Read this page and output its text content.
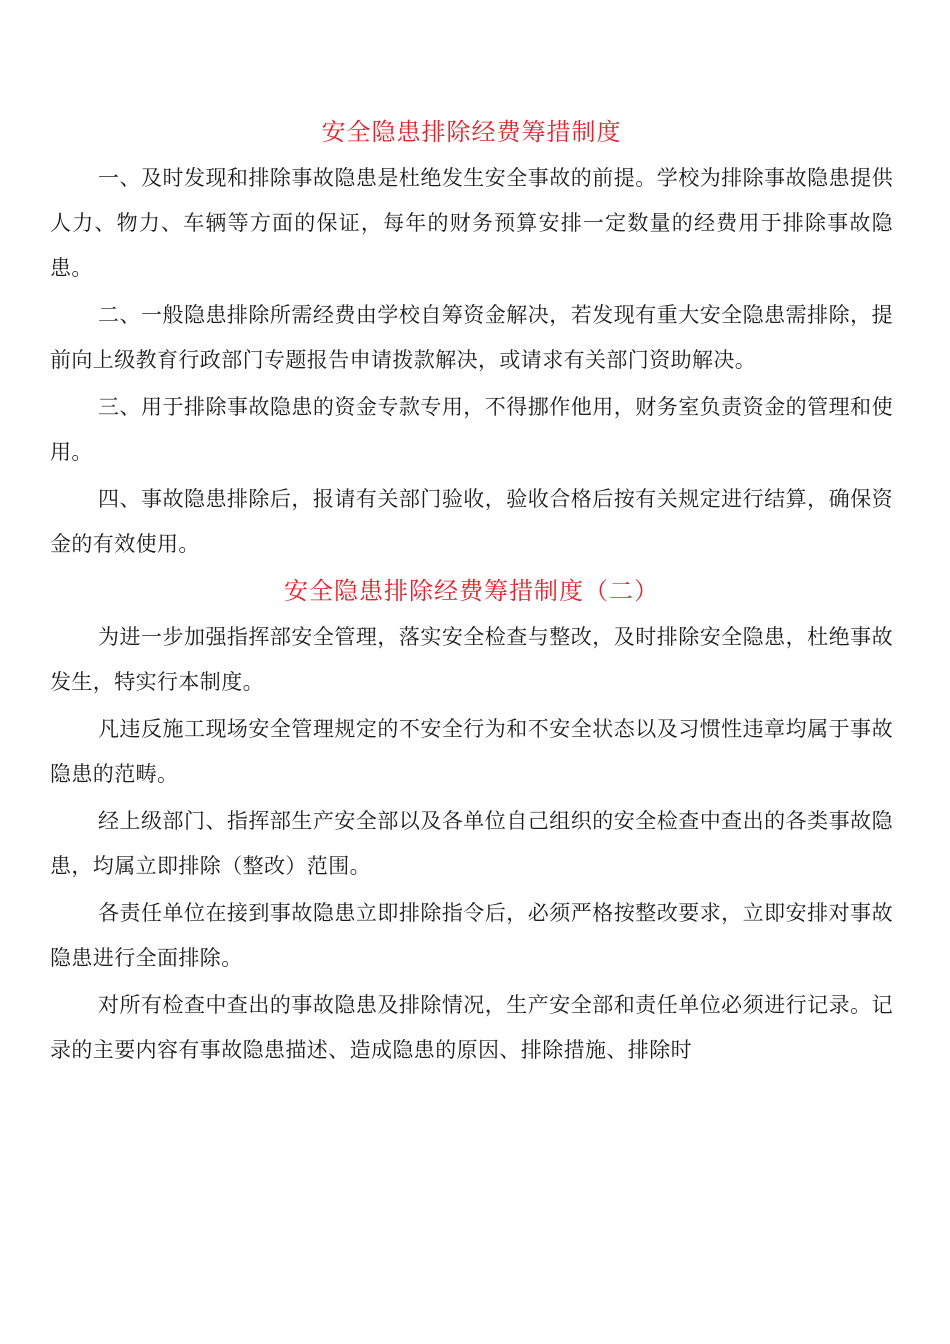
安全隐患排除经费筹措制度

一、及时发现和排除事故隐患是杜绝发生安全事故的前提。学校为排除事故隐患提供人力、物力、车辆等方面的保证，每年的财务预算安排一定数量的经费用于排除事故隐患。

二、一般隐患排除所需经费由学校自筹资金解决，若发现有重大安全隐患需排除，提前向上级教育行政部门专题报告申请拨款解决，或请求有关部门资助解决。

三、用于排除事故隐患的资金专款专用，不得挪作他用，财务室负责资金的管理和使用。

四、事故隐患排除后，报请有关部门验收，验收合格后按有关规定进行结算，确保资金的有效使用。

安全隐患排除经费筹措制度（二）

为进一步加强指挥部安全管理，落实安全检查与整改，及时排除安全隐患，杜绝事故发生，特实行本制度。

凡违反施工现场安全管理规定的不安全行为和不安全状态以及习惯性违章均属于事故隐患的范畴。

经上级部门、指挥部生产安全部以及各单位自己组织的安全检查中查出的各类事故隐患，均属立即排除（整改）范围。

各责任单位在接到事故隐患立即排除指令后，必须严格按整改要求，立即安排对事故隐患进行全面排除。

对所有检查中查出的事故隐患及排除情况，生产安全部和责任单位必须进行记录。记录的主要内容有事故隐患描述、造成隐患的原因、排除措施、排除时
